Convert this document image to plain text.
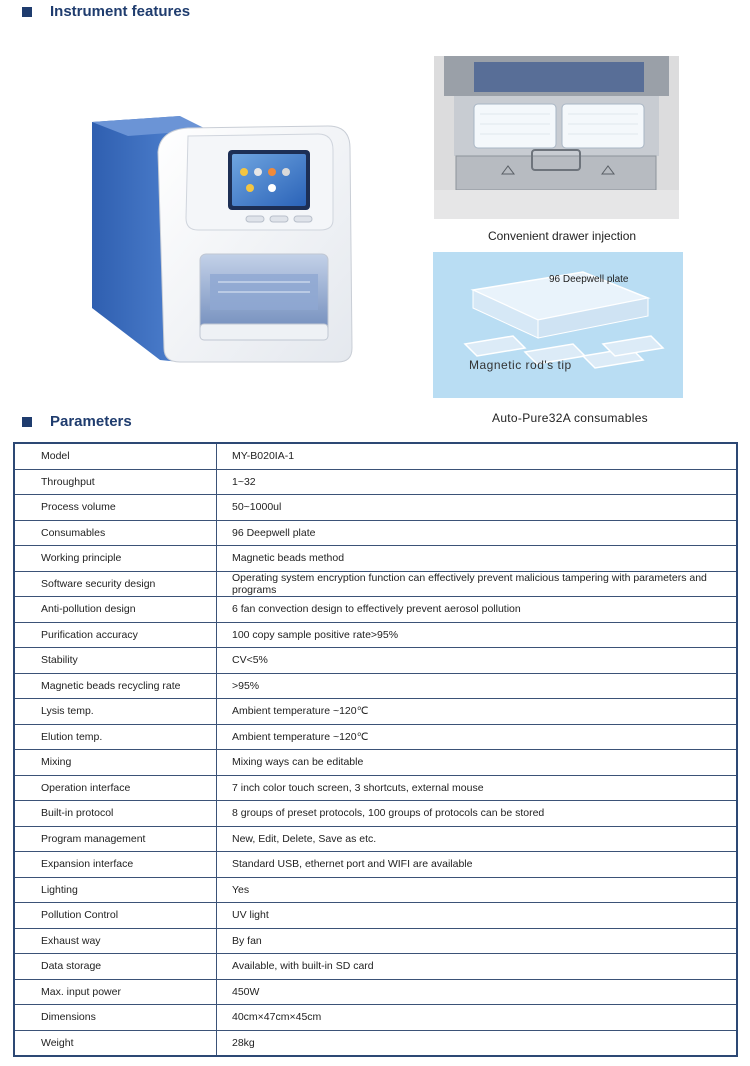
Instrument features
Convenient drawer injection
96 Deepwell plate
Magnetic rod's tip
Auto-Pure32A consumables
Parameters
Model	MY-B020IA-1
Throughput	1~32
Process volume	50~1000ul
Consumables	96 Deepwell plate
Working principle	Magnetic beads method
Software security design	Operating system encryption function can effectively prevent malicious tampering with parameters and programs
Anti-pollution design	6 fan convection design to effectively prevent aerosol pollution
Purification accuracy	100 copy sample positive rate>95%
Stability	CV<5%
Magnetic beads recycling rate	>95%
Lysis temp.	Ambient temperature ~120℃
Elution temp.	Ambient temperature ~120℃
Mixing	Mixing ways can be editable
Operation interface	7 inch color touch screen, 3 shortcuts, external mouse
Built-in protocol	8 groups of preset protocols, 100 groups of protocols can be stored
Program management	New, Edit, Delete, Save as etc.
Expansion interface	Standard USB, ethernet port and WIFI are available
Lighting	Yes
Pollution Control	UV light
Exhaust way	By fan
Data storage	Available, with built-in SD card
Max. input power	450W
Dimensions	40cm×47cm×45cm
Weight	28kg
